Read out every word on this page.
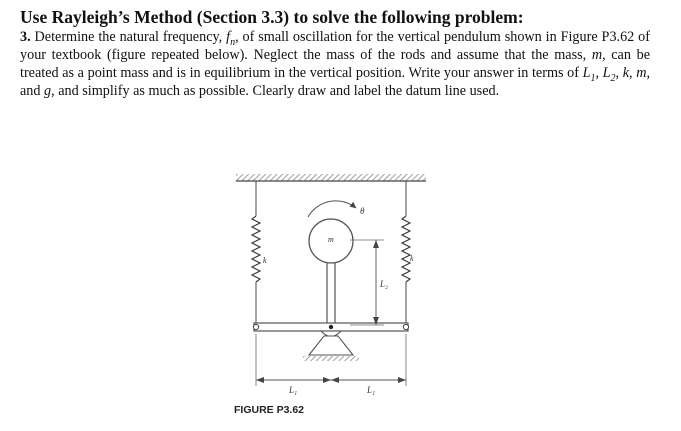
Use Rayleigh’s Method (Section 3.3) to solve the following problem:

3. Determine the natural frequency, $f_n$, of small oscillation for the vertical pendulum shown in Figure P3.62 of your textbook (figure repeated below). Neglect the mass of the rods and assume that the mass, m, can be treated as a point mass and is in equilibrium in the vertical position. Write your answer in terms of $L_1$, $L_2$, k, m, and g, and simplify as much as possible. Clearly draw and label the datum line used.

θ
m
k	k
L₂
L₁	L₁
FIGURE P3.62
